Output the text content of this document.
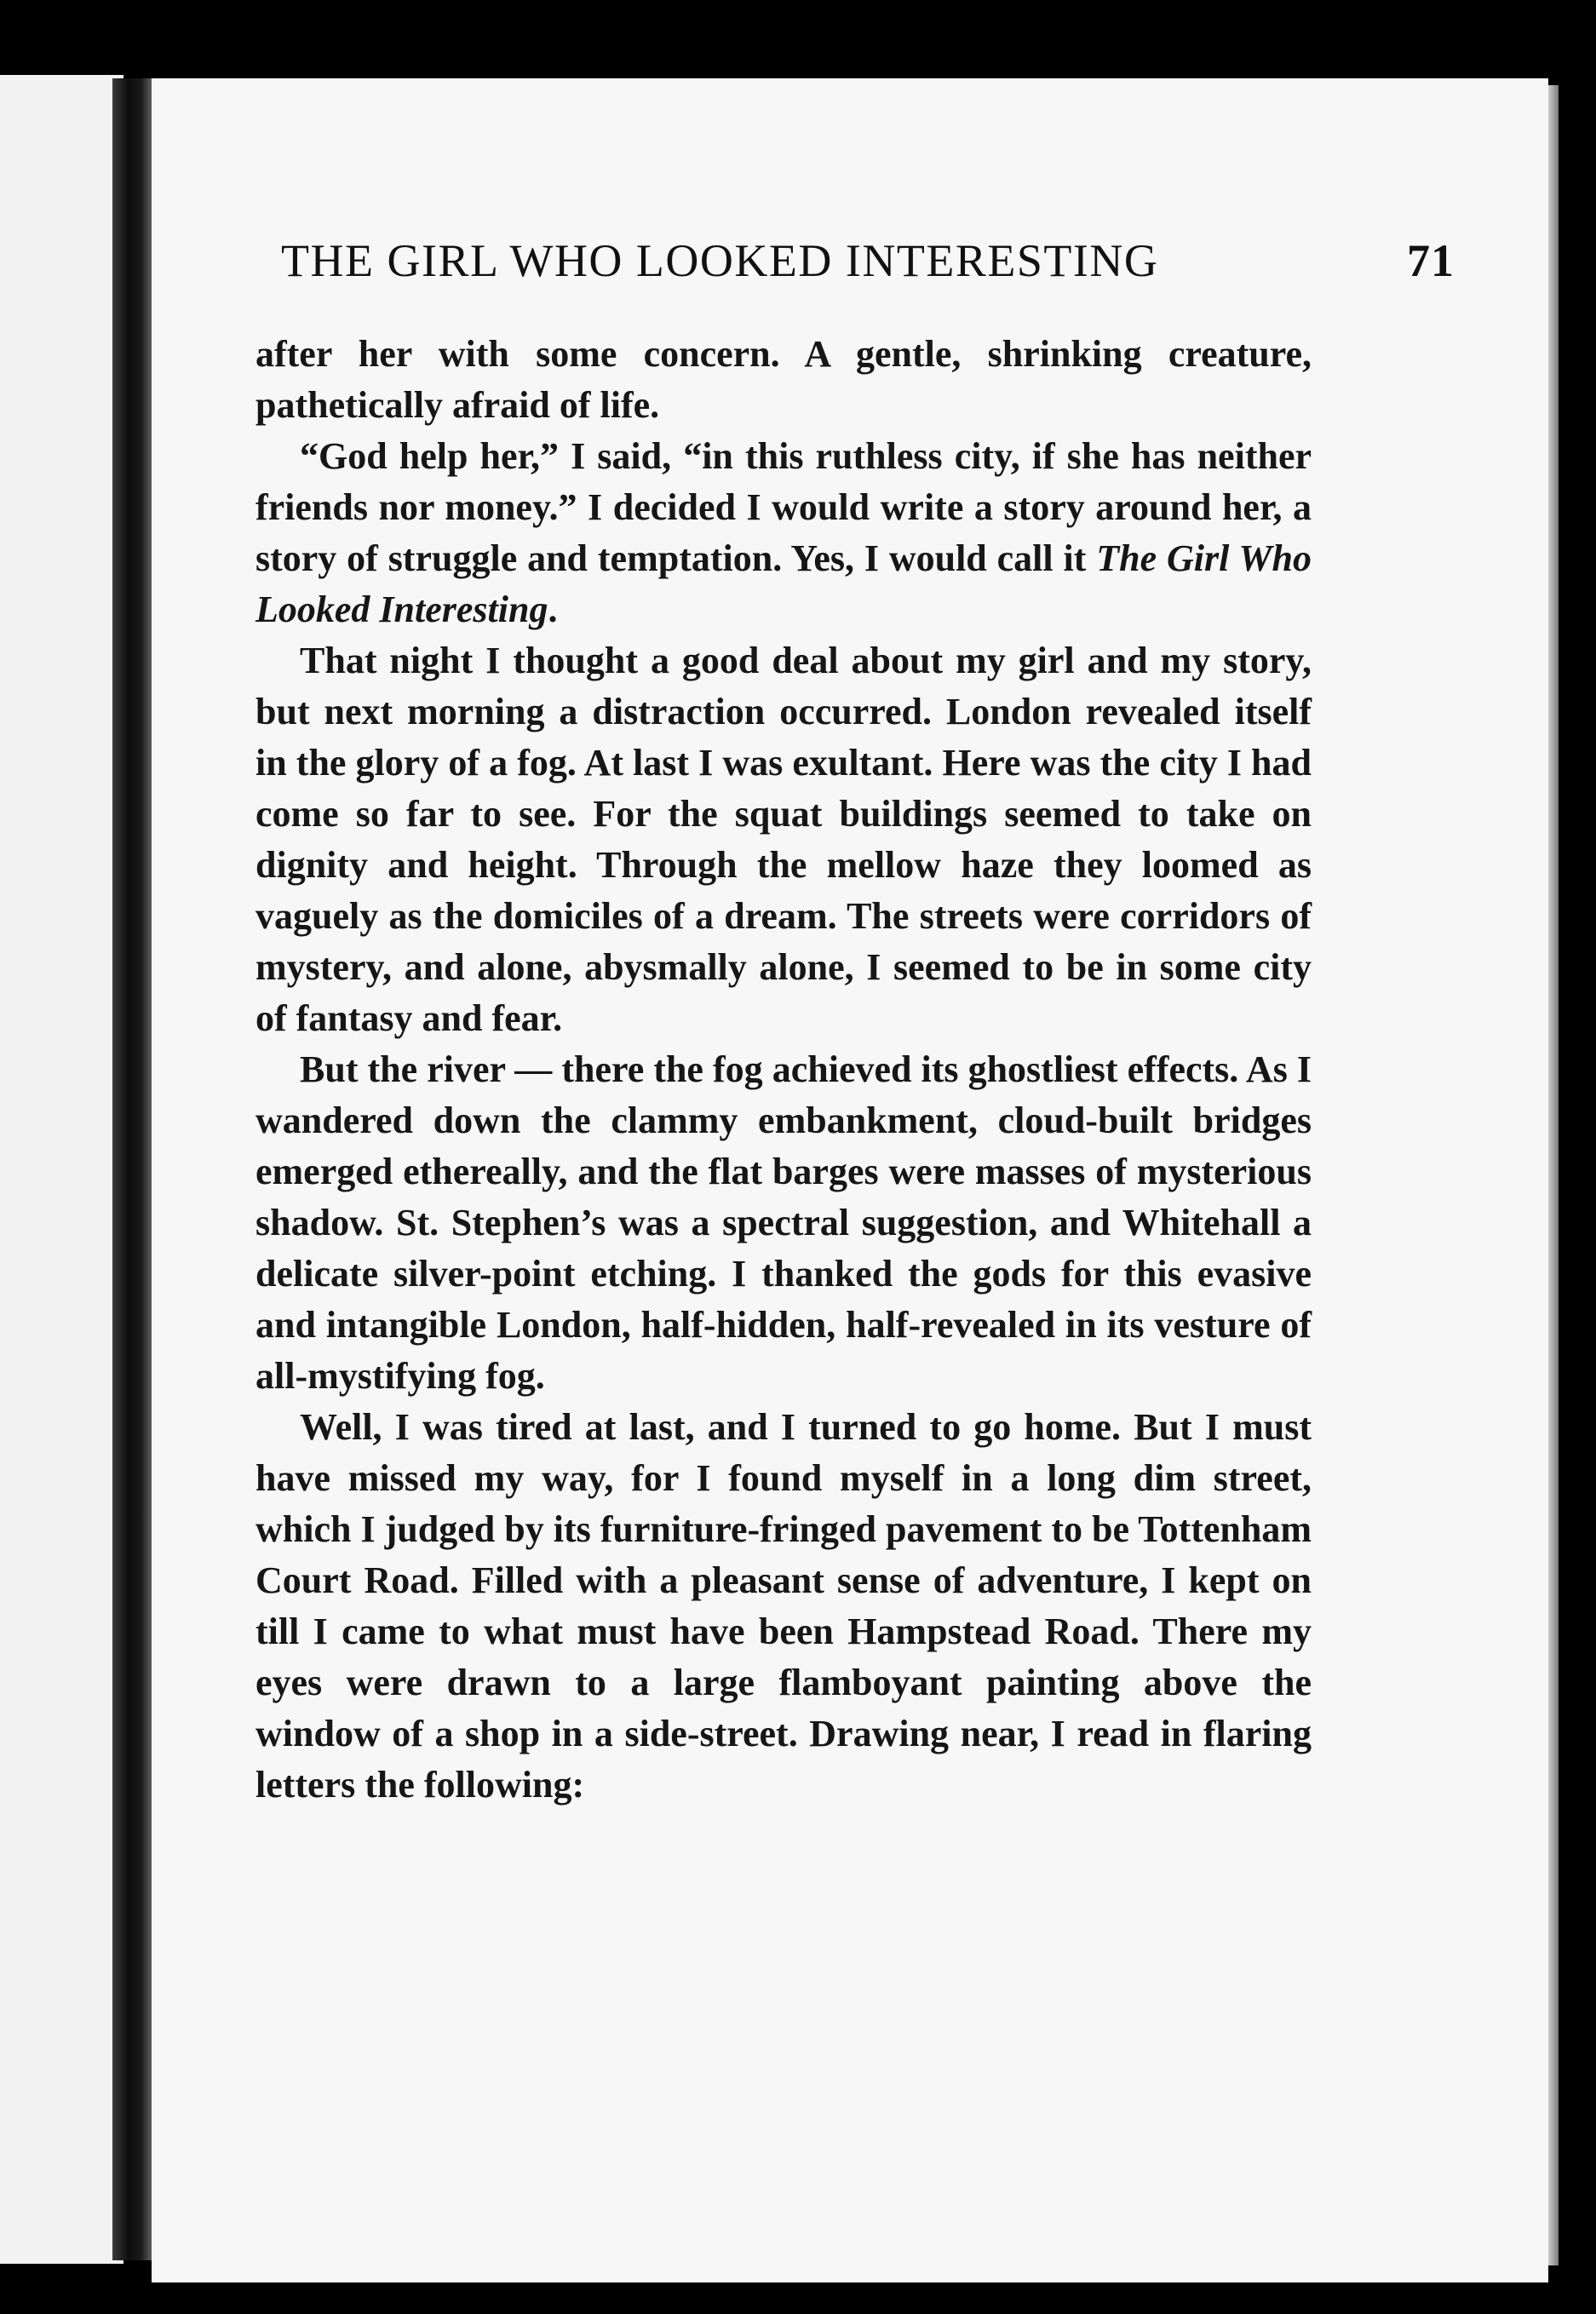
THE GIRL WHO LOOKED INTERESTING	71

after her with some concern. A gentle, shrinking creature, pathetically afraid of life.

“God help her,” I said, “in this ruthless city, if she has neither friends nor money.” I decided I would write a story around her, a story of struggle and temptation. Yes, I would call it The Girl Who Looked Interesting.

That night I thought a good deal about my girl and my story, but next morning a distraction occurred. London revealed itself in the glory of a fog. At last I was exultant. Here was the city I had come so far to see. For the squat buildings seemed to take on dignity and height. Through the mellow haze they loomed as vaguely as the domiciles of a dream. The streets were corridors of mystery, and alone, abysmally alone, I seemed to be in some city of fantasy and fear.

But the river — there the fog achieved its ghostliest effects. As I wandered down the clammy embankment, cloud-built bridges emerged ethereally, and the flat barges were masses of mysterious shadow. St. Stephen’s was a spectral suggestion, and Whitehall a delicate silver-point etching. I thanked the gods for this evasive and intangible London, half-hidden, half-revealed in its vesture of all-mystifying fog.

Well, I was tired at last, and I turned to go home. But I must have missed my way, for I found myself in a long dim street, which I judged by its furniture-fringed pavement to be Tottenham Court Road. Filled with a pleasant sense of adventure, I kept on till I came to what must have been Hampstead Road. There my eyes were drawn to a large flamboyant painting above the window of a shop in a side-street. Drawing near, I read in flaring letters the following:
